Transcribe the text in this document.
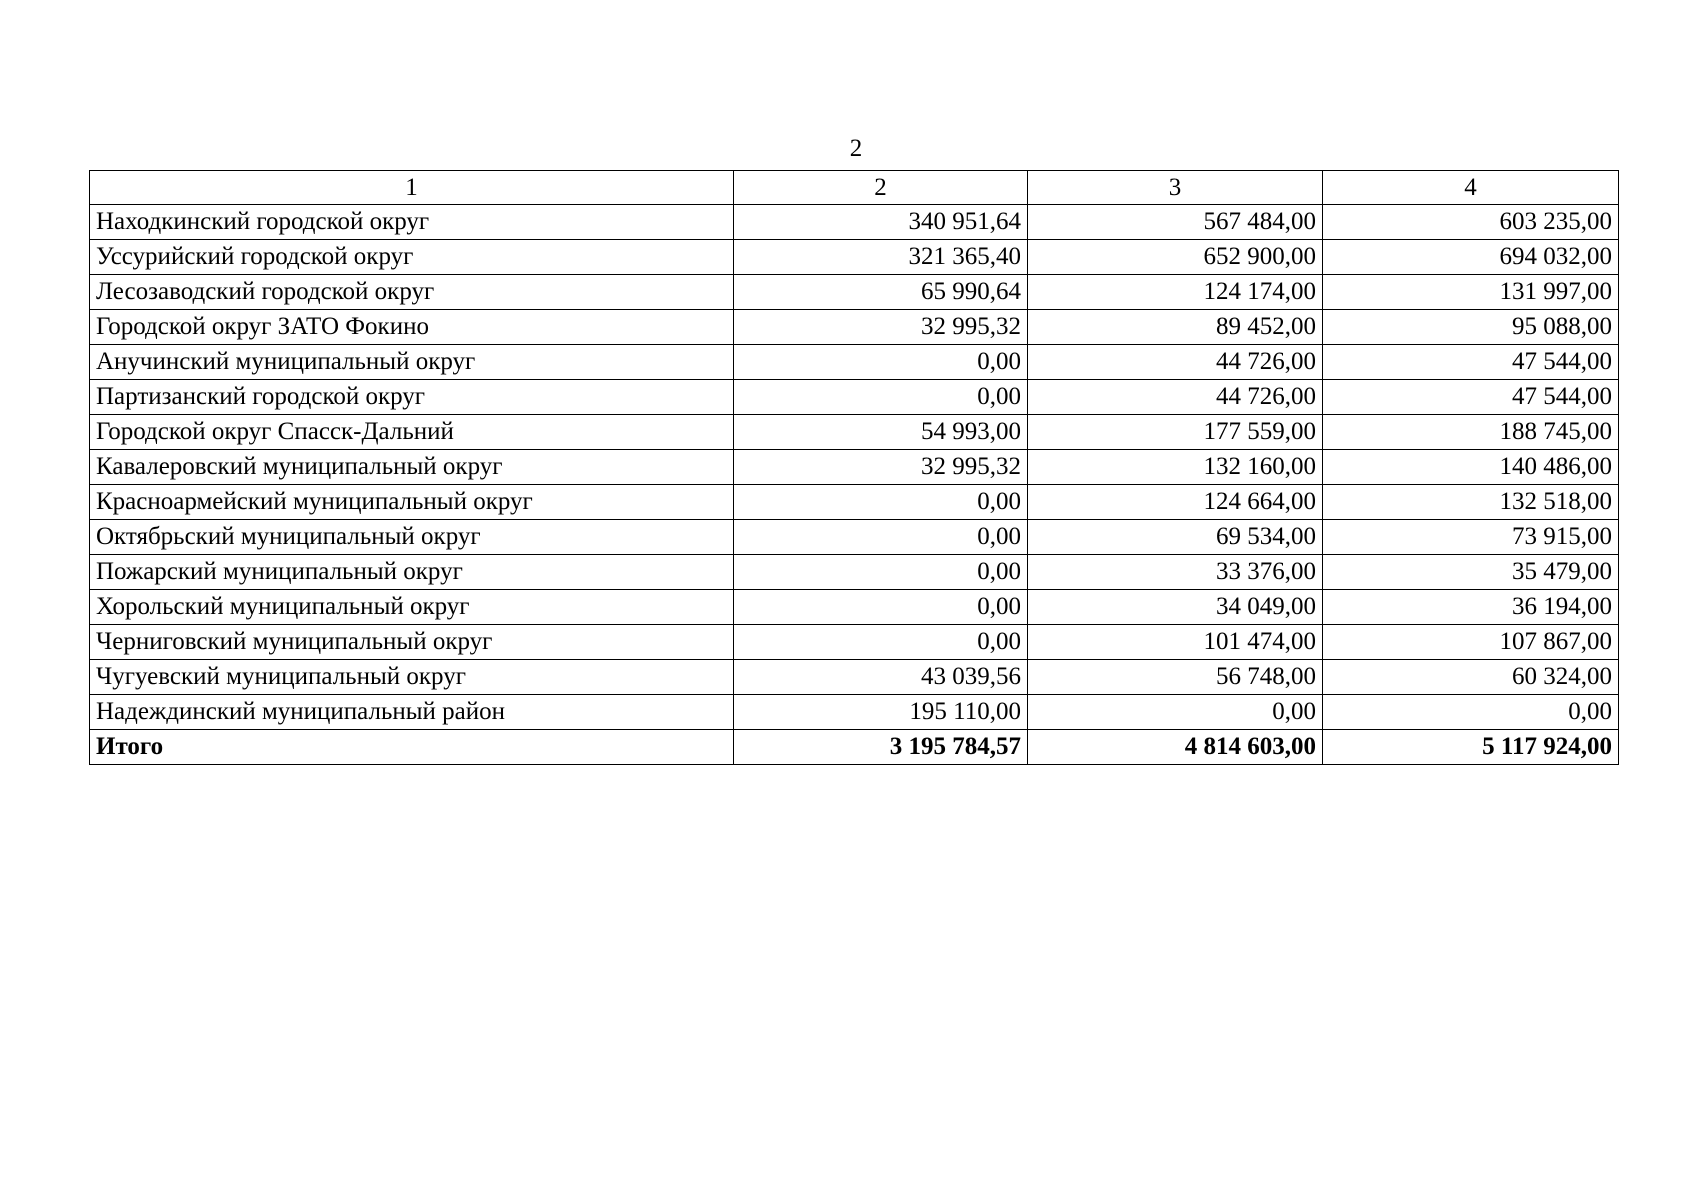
2
1	2	3	4
Находкинский городской округ	340 951,64	567 484,00	603 235,00
Уссурийский городской округ	321 365,40	652 900,00	694 032,00
Лесозаводский городской округ	65 990,64	124 174,00	131 997,00
Городской округ ЗАТО Фокино	32 995,32	89 452,00	95 088,00
Анучинский муниципальный округ	0,00	44 726,00	47 544,00
Партизанский городской округ	0,00	44 726,00	47 544,00
Городской округ Спасск-Дальний	54 993,00	177 559,00	188 745,00
Кавалеровский муниципальный округ	32 995,32	132 160,00	140 486,00
Красноармейский муниципальный округ	0,00	124 664,00	132 518,00
Октябрьский муниципальный округ	0,00	69 534,00	73 915,00
Пожарский муниципальный округ	0,00	33 376,00	35 479,00
Хорольский муниципальный округ	0,00	34 049,00	36 194,00
Черниговский муниципальный округ	0,00	101 474,00	107 867,00
Чугуевский муниципальный округ	43 039,56	56 748,00	60 324,00
Надеждинский муниципальный район	195 110,00	0,00	0,00
Итого	3 195 784,57	4 814 603,00	5 117 924,00
